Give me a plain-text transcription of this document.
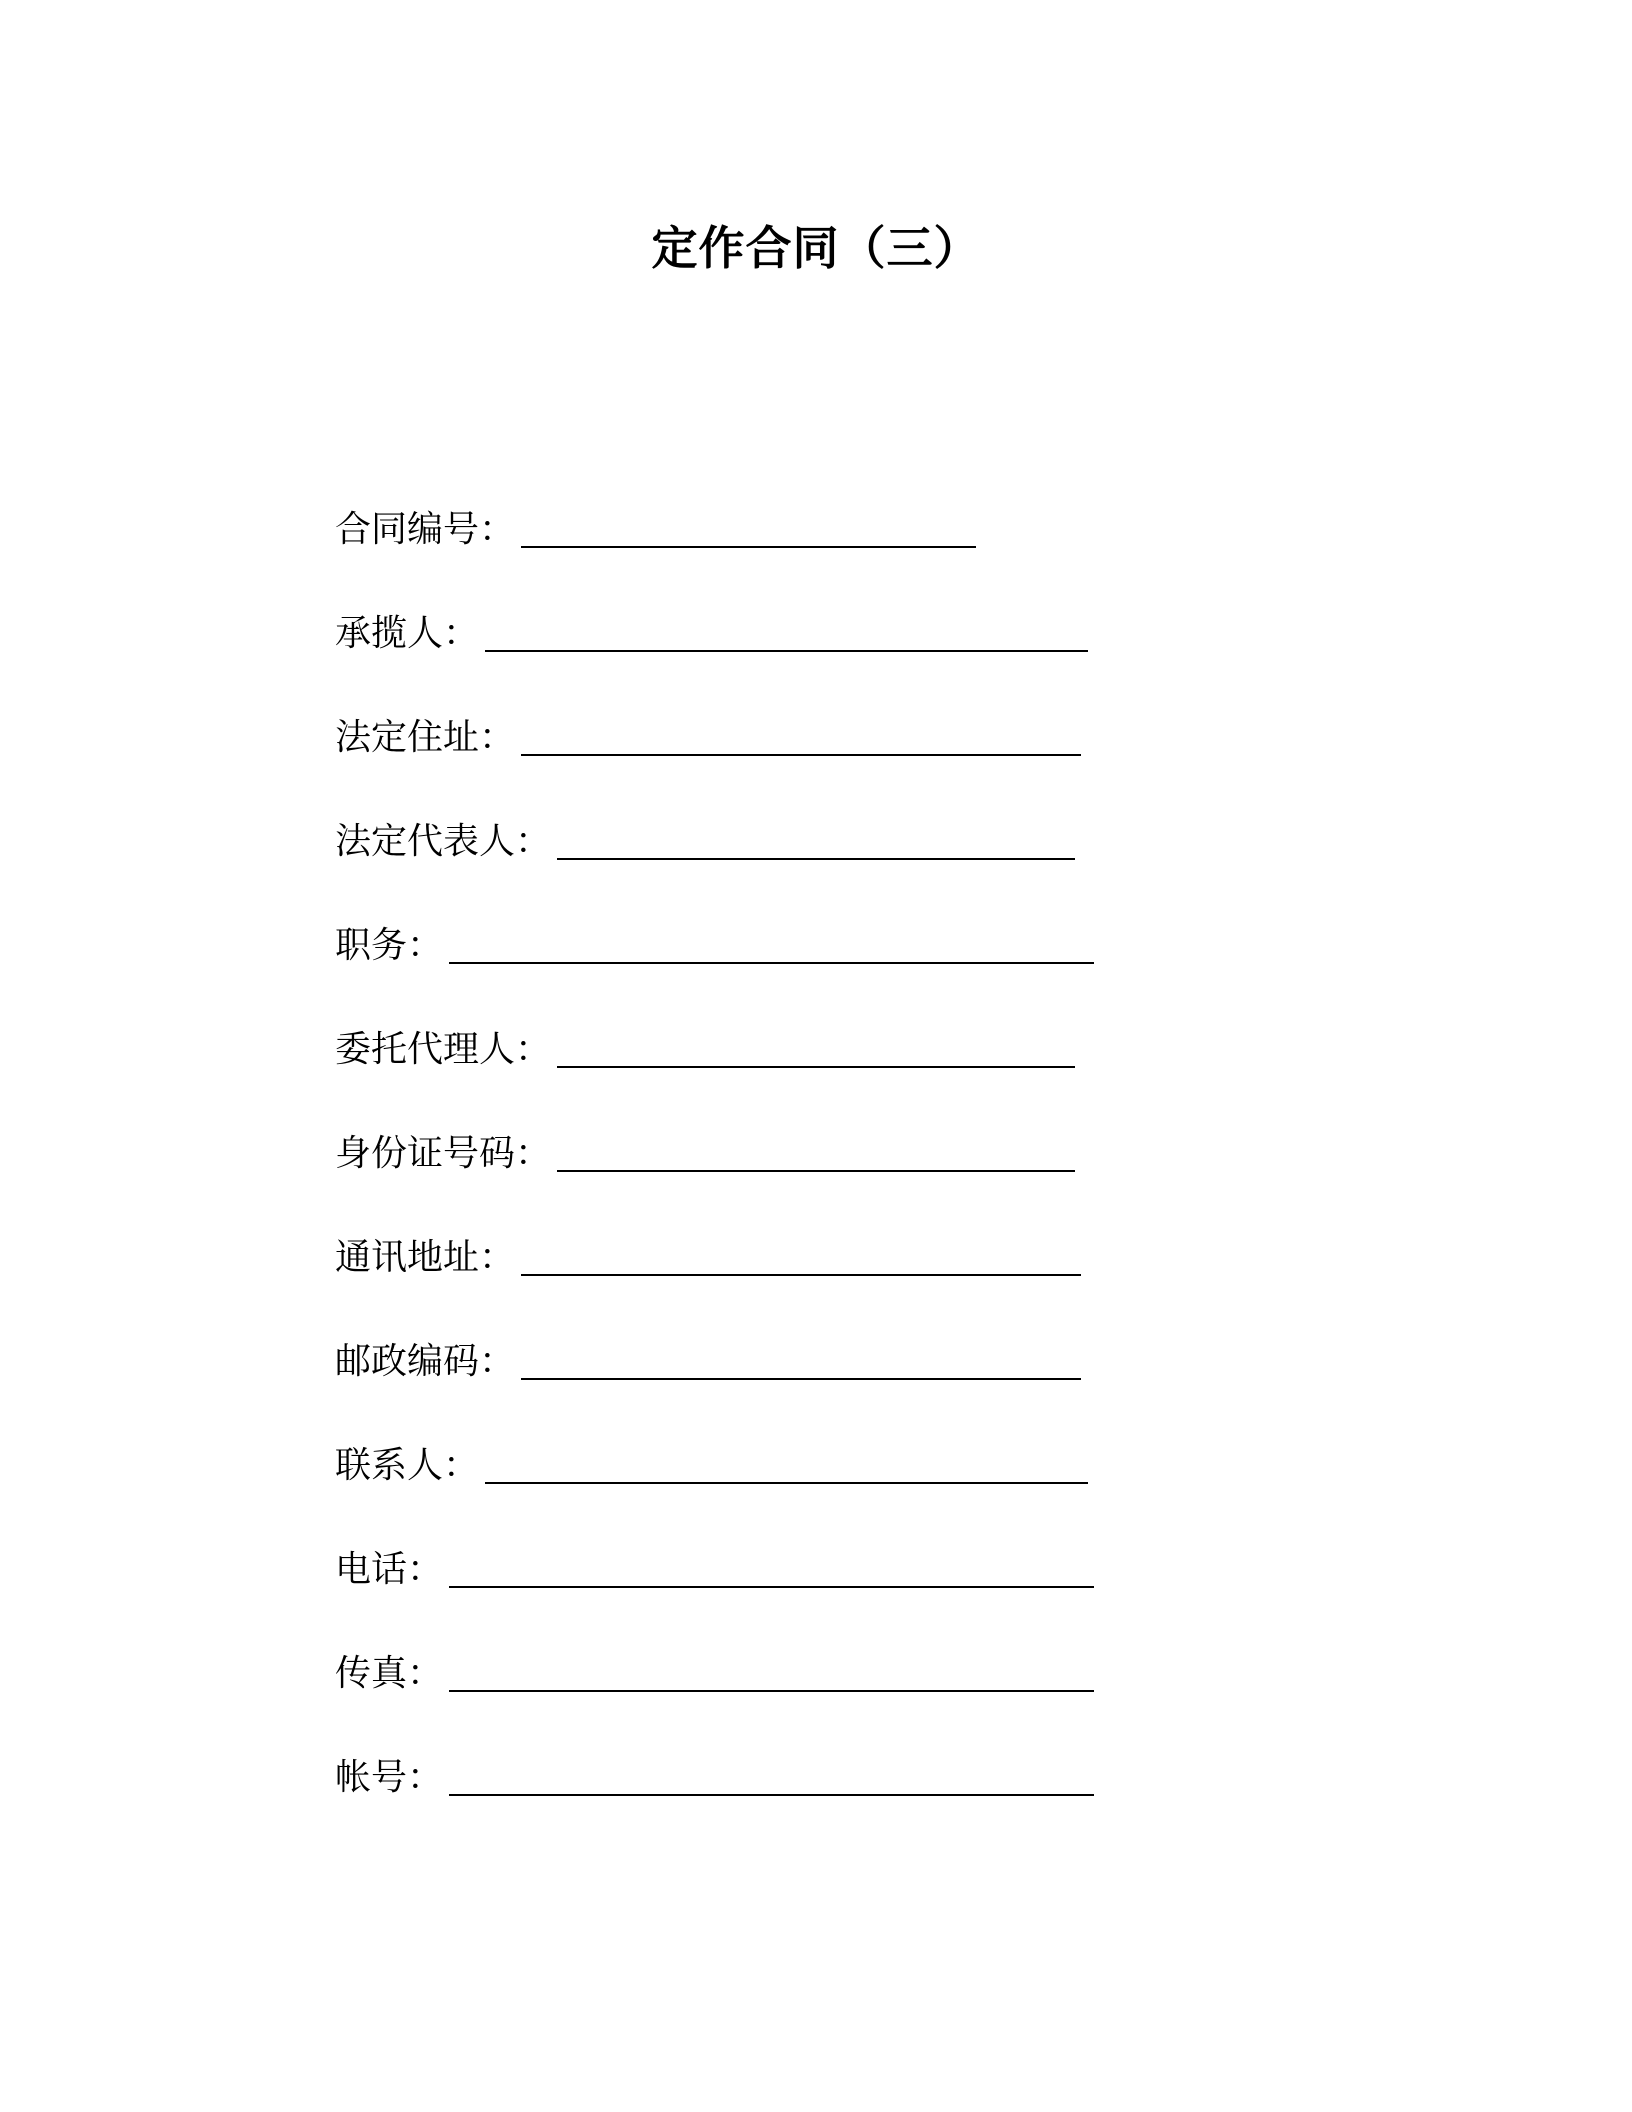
定作合同（三）
合同编号：
承揽人：
法定住址：
法定代表人：
职务：
委托代理人：
身份证号码：
通讯地址：
邮政编码：
联系人：
电话：
传真：
帐号：
